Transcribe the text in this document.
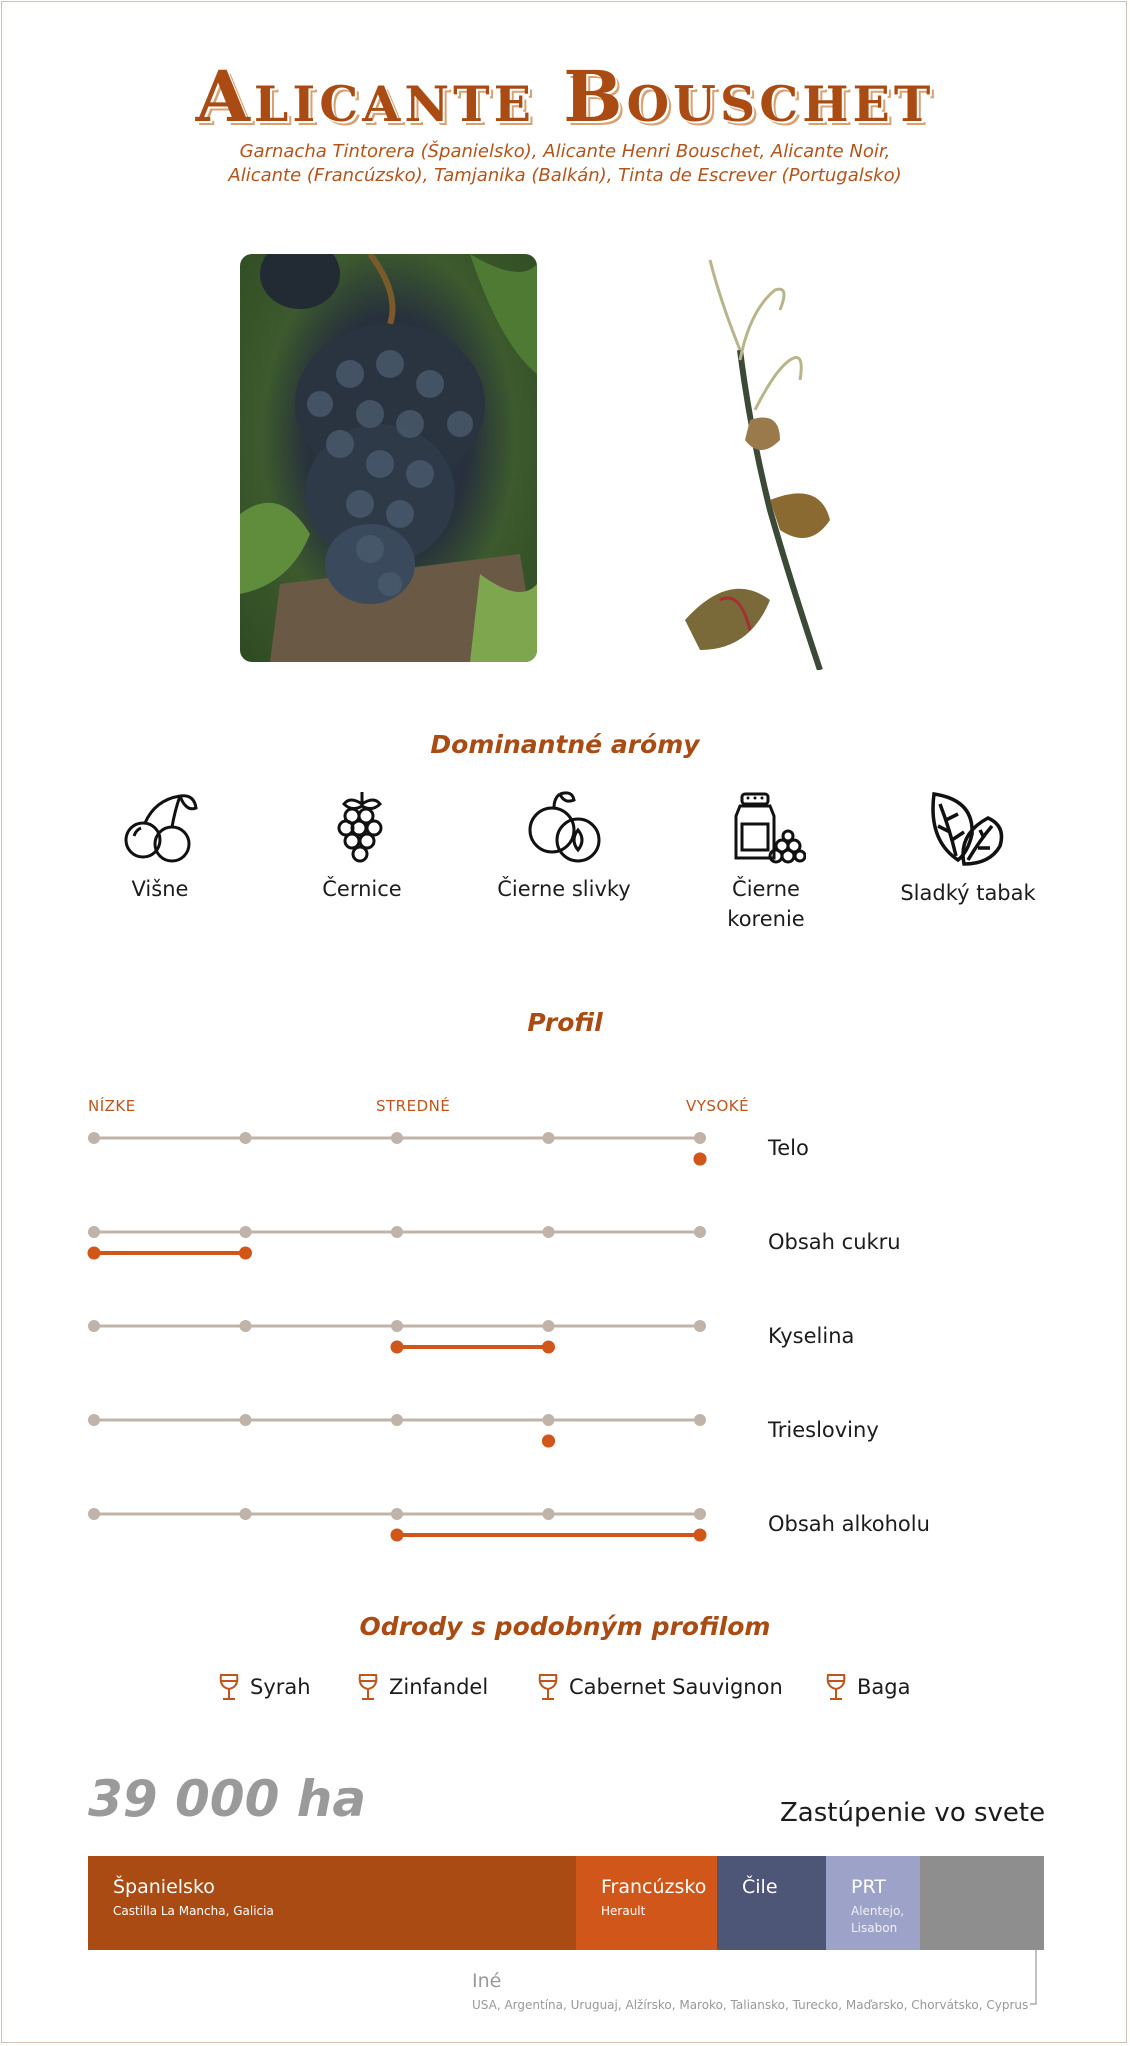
Alicante Bouschet
Garnacha Tintorera (Španielsko), Alicante Henri Bouschet, Alicante Noir,
Alicante (Francúzsko), Tamjanika (Balkán), Tinta de Escrever (Portugalsko)
Dominantné arómy
Višne	Černice	Čierne slivky	Čierne korenie
Sladký tabak
Profil
NÍZKE	STREDNÉ	VYSOKÉ
Telo
Obsah cukru
Kyselina
Triesloviny
Obsah alkoholu
Odrody s podobným profilom
Syrah	Zinfandel	Cabernet Sauvignon	Baga
39 000 ha	Zastúpenie vo svete
Španielsko
Castilla La Mancha, Galicia
Francúzsko
Herault
Čile	PRT
Alentejo, Lisabon
Iné
USA, Argentína, Uruguaj, Alžírsko, Maroko, Taliansko, Turecko, Maďarsko, Chorvátsko, Cyprus
